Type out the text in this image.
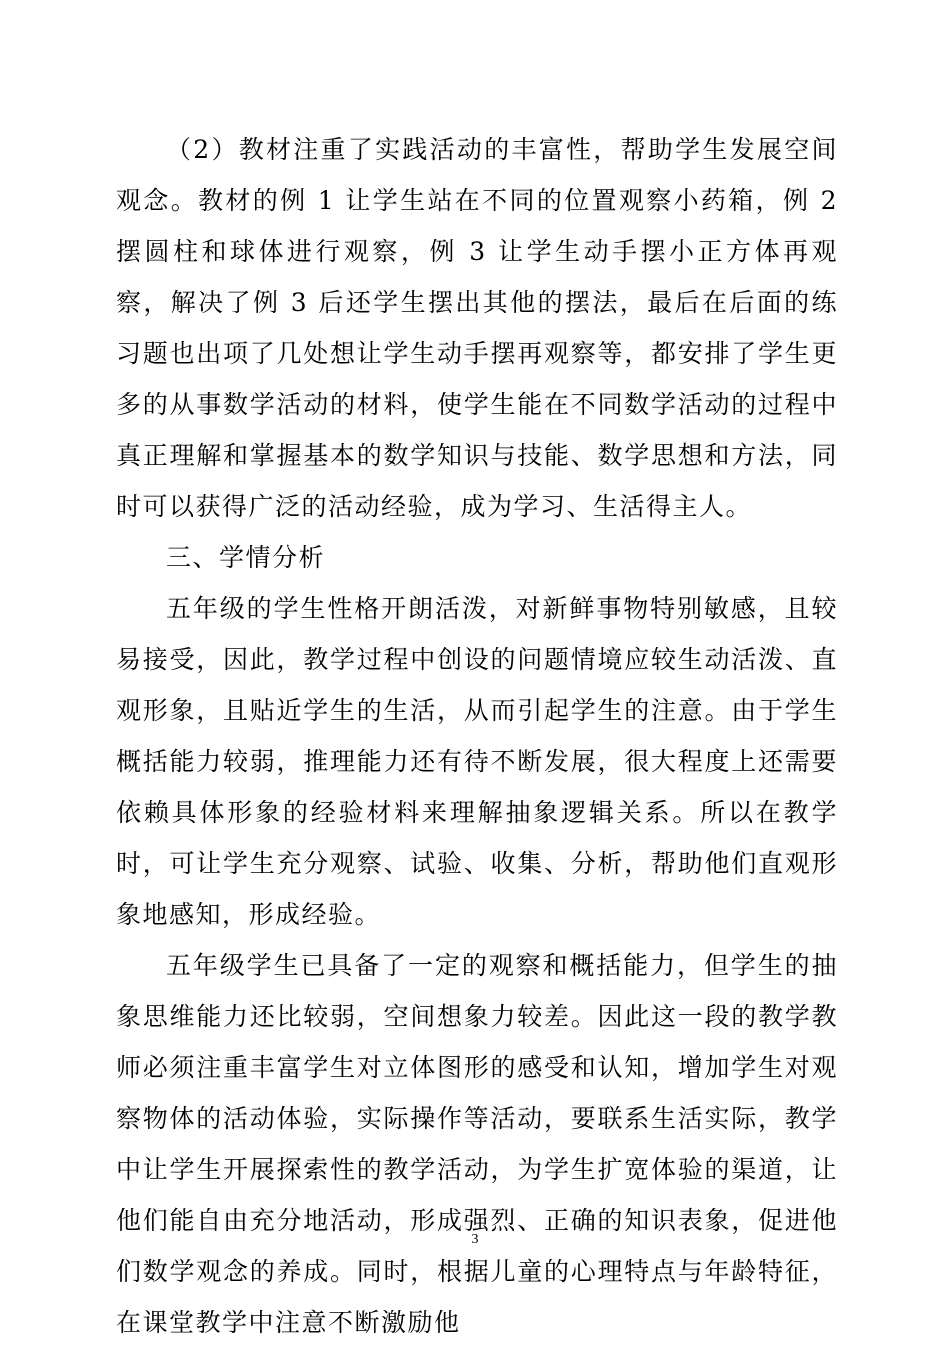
（2）教材注重了实践活动的丰富性，帮助学生发展空间观念。教材的例 1 让学生站在不同的位置观察小药箱，例 2 摆圆柱和球体进行观察，例 3 让学生动手摆小正方体再观察，解决了例 3 后还学生摆出其他的摆法，最后在后面的练习题也出项了几处想让学生动手摆再观察等，都安排了学生更多的从事数学活动的材料，使学生能在不同数学活动的过程中真正理解和掌握基本的数学知识与技能、数学思想和方法，同时可以获得广泛的活动经验，成为学习、生活得主人。

三、学情分析

五年级的学生性格开朗活泼，对新鲜事物特别敏感，且较易接受，因此，教学过程中创设的问题情境应较生动活泼、直观形象，且贴近学生的生活，从而引起学生的注意。由于学生概括能力较弱，推理能力还有待不断发展，很大程度上还需要依赖具体形象的经验材料来理解抽象逻辑关系。所以在教学时，可让学生充分观察、试验、收集、分析，帮助他们直观形象地感知，形成经验。

五年级学生已具备了一定的观察和概括能力，但学生的抽象思维能力还比较弱，空间想象力较差。因此这一段的教学教师必须注重丰富学生对立体图形的感受和认知，增加学生对观察物体的活动体验，实际操作等活动，要联系生活实际，教学中让学生开展探索性的教学活动，为学生扩宽体验的渠道，让他们能自由充分地活动，形成强烈、正确的知识表象，促进他们数学观念的养成。同时，根据儿童的心理特点与年龄特征，在课堂教学中注意不断激励他

3
